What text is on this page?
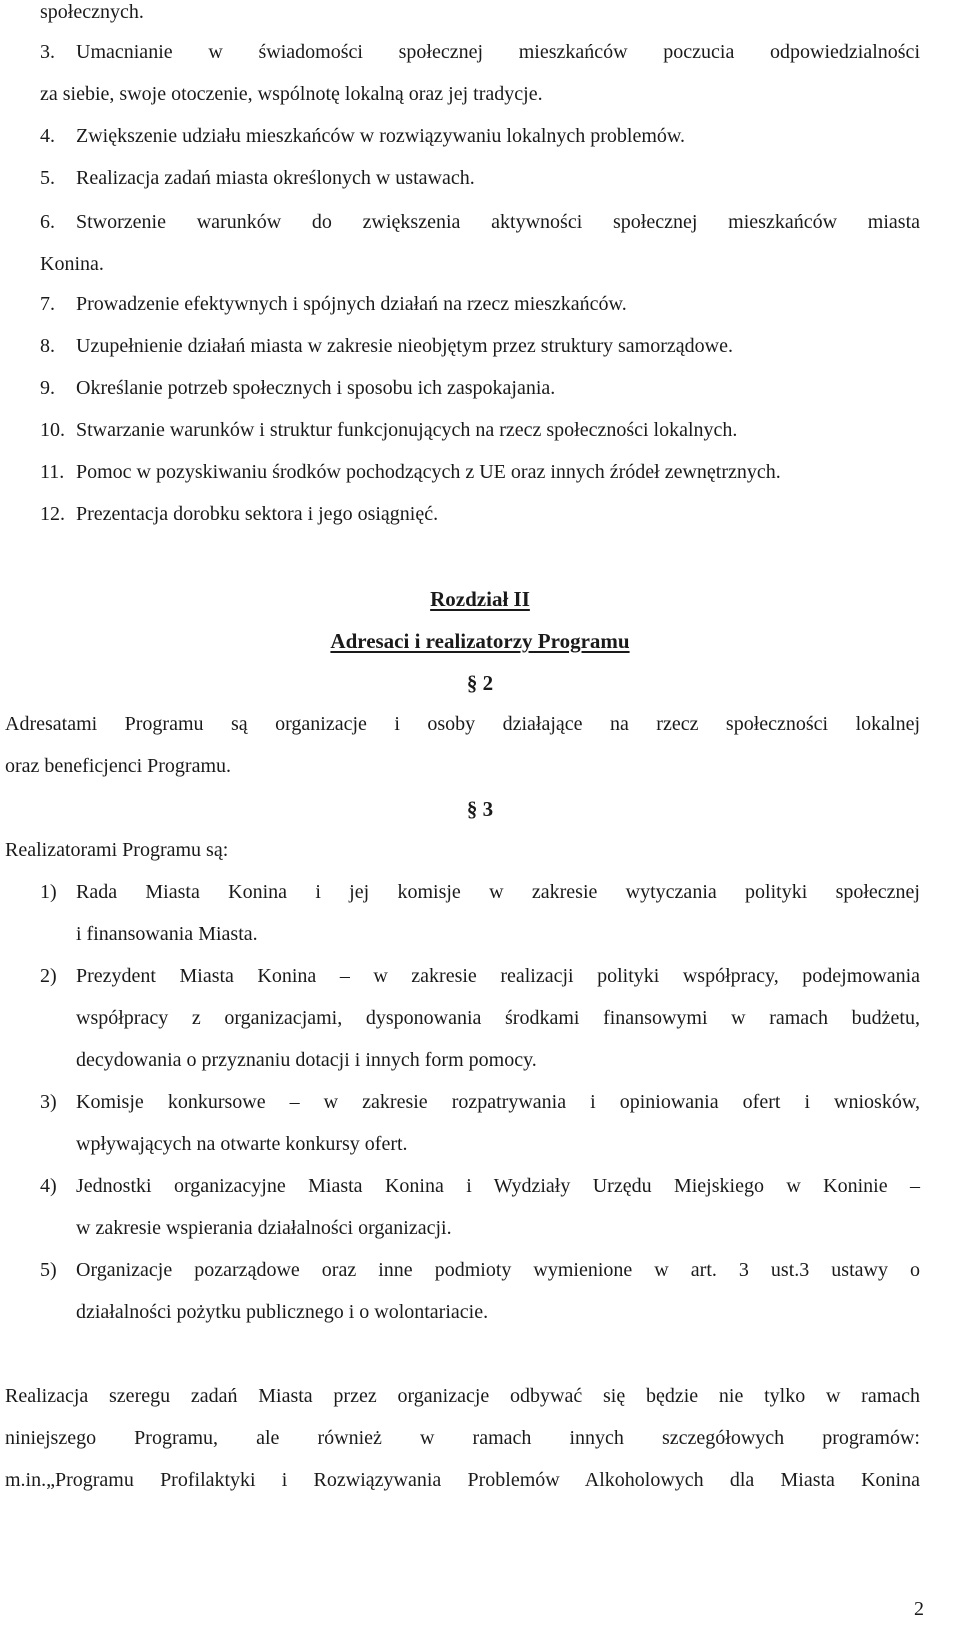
społecznych.
3. Umacnianie w świadomości społecznej mieszkańców poczucia odpowiedzialności
za siebie, swoje otoczenie, wspólnotę lokalną oraz jej tradycje.
4. Zwiększenie udziału mieszkańców w rozwiązywaniu lokalnych problemów.
5. Realizacja zadań miasta określonych w ustawach.
6. Stworzenie warunków do zwiększenia aktywności społecznej mieszkańców miasta
Konina.
7. Prowadzenie efektywnych i spójnych działań na rzecz mieszkańców.
8. Uzupełnienie działań miasta w zakresie nieobjętym przez struktury samorządowe.
9. Określanie potrzeb społecznych i sposobu ich zaspokajania.
10. Stwarzanie warunków i struktur funkcjonujących na rzecz społeczności lokalnych.
11. Pomoc w pozyskiwaniu środków pochodzących z UE oraz innych źródeł zewnętrznych.
12. Prezentacja dorobku sektora i jego osiągnięć.
Rozdział II
Adresaci i realizatorzy Programu
§ 2
Adresatami Programu są organizacje i osoby działające na rzecz społeczności lokalnej
oraz beneficjenci Programu.
§ 3
Realizatorami Programu są:
1) Rada Miasta Konina i jej komisje w zakresie wytyczania polityki społecznej
i finansowania Miasta.
2) Prezydent Miasta Konina – w zakresie realizacji polityki współpracy, podejmowania
współpracy z organizacjami, dysponowania środkami finansowymi w ramach budżetu,
decydowania o przyznaniu dotacji i innych form pomocy.
3) Komisje konkursowe – w zakresie rozpatrywania i opiniowania ofert i wniosków,
wpływających na otwarte konkursy ofert.
4) Jednostki organizacyjne Miasta Konina i Wydziały Urzędu Miejskiego w Koninie –
w zakresie wspierania działalności organizacji.
5) Organizacje pozarządowe oraz inne podmioty wymienione w art. 3 ust.3 ustawy o
działalności pożytku publicznego i o wolontariacie.
Realizacja szeregu zadań Miasta przez organizacje odbywać się będzie nie tylko w ramach
niniejszego Programu, ale również w ramach innych szczegółowych programów:
m.in.„Programu Profilaktyki i Rozwiązywania Problemów Alkoholowych dla Miasta Konina
2
